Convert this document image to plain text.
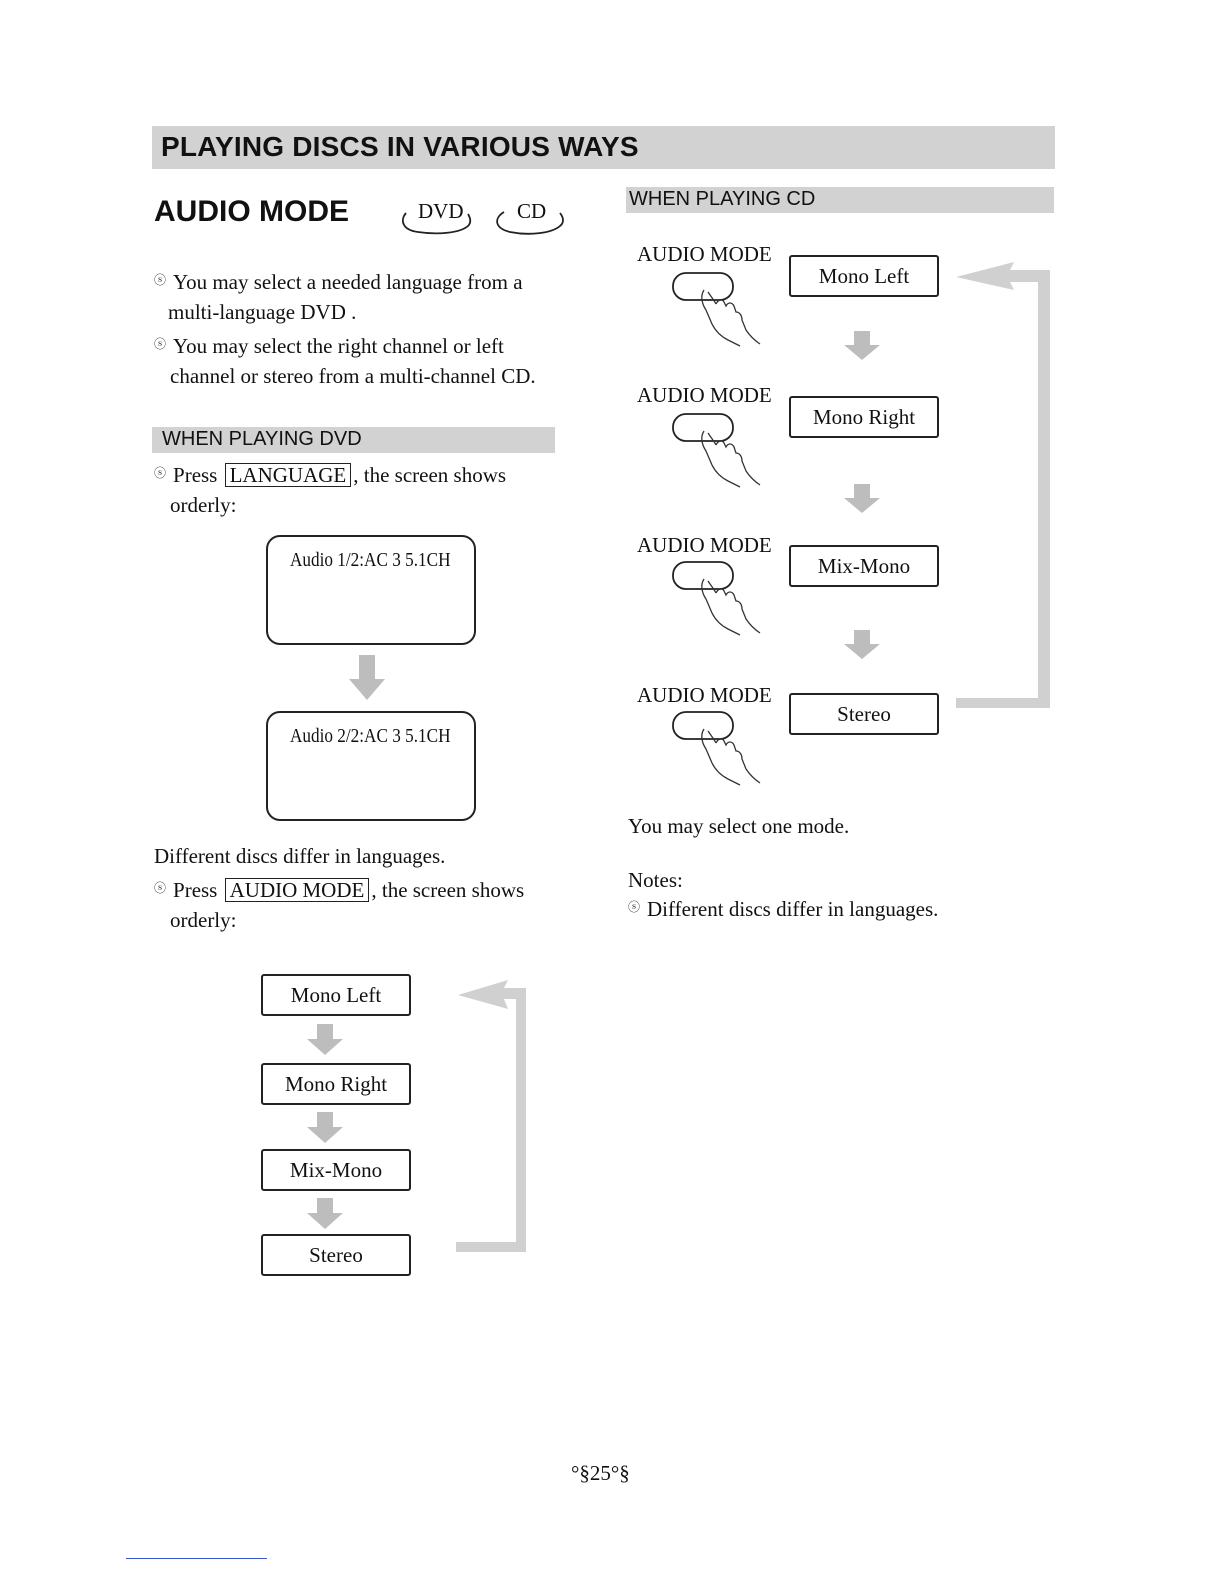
PLAYING DISCS IN VARIOUS WAYS
AUDIO MODE	DVD	CD
ⓢ You may select a needed language from a
multi-language DVD .
ⓢ You may select the right channel or left
channel or stereo from a multi-channel CD.
WHEN PLAYING DVD
ⓢ Press LANGUAGE , the screen shows
orderly:
Audio 1/2:AC 3 5.1CH
Audio 2/2:AC 3 5.1CH
Different discs differ in languages.
ⓢ Press AUDIO MODE , the screen shows
orderly:
Mono Left
Mono Right
Mix-Mono
Stereo
WHEN PLAYING CD
AUDIO MODE
Mono Left
AUDIO MODE
Mono Right
AUDIO MODE
Mix-Mono
AUDIO MODE
Stereo
You may select one mode.
Notes:
ⓢ Different discs differ in languages.
°§25°§
